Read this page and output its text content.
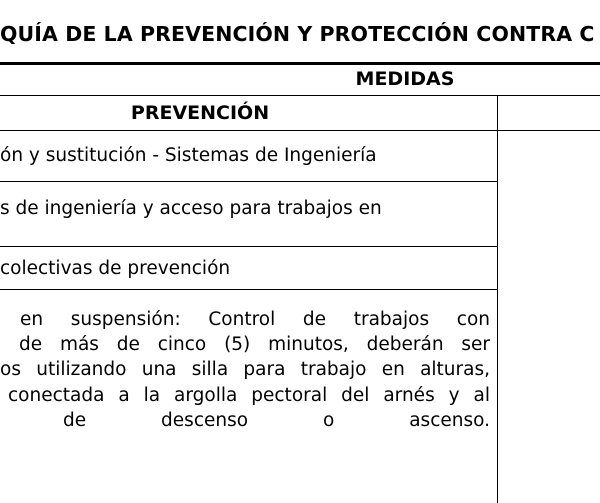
QUÍA DE LA PREVENCIÓN Y PROTECCIÓN CONTRA C
MEDIDAS
PREVENCIÓN
ón y sustitución - Sistemas de Ingeniería
s de ingeniería y acceso para trabajos en
colectivas de prevención
en suspensión: Control de trabajos con
de más de cinco (5) minutos, deberán ser
os utilizando una silla para trabajo en alturas,
conectada a la argolla pectoral del arnés y al
de descenso o ascenso.
